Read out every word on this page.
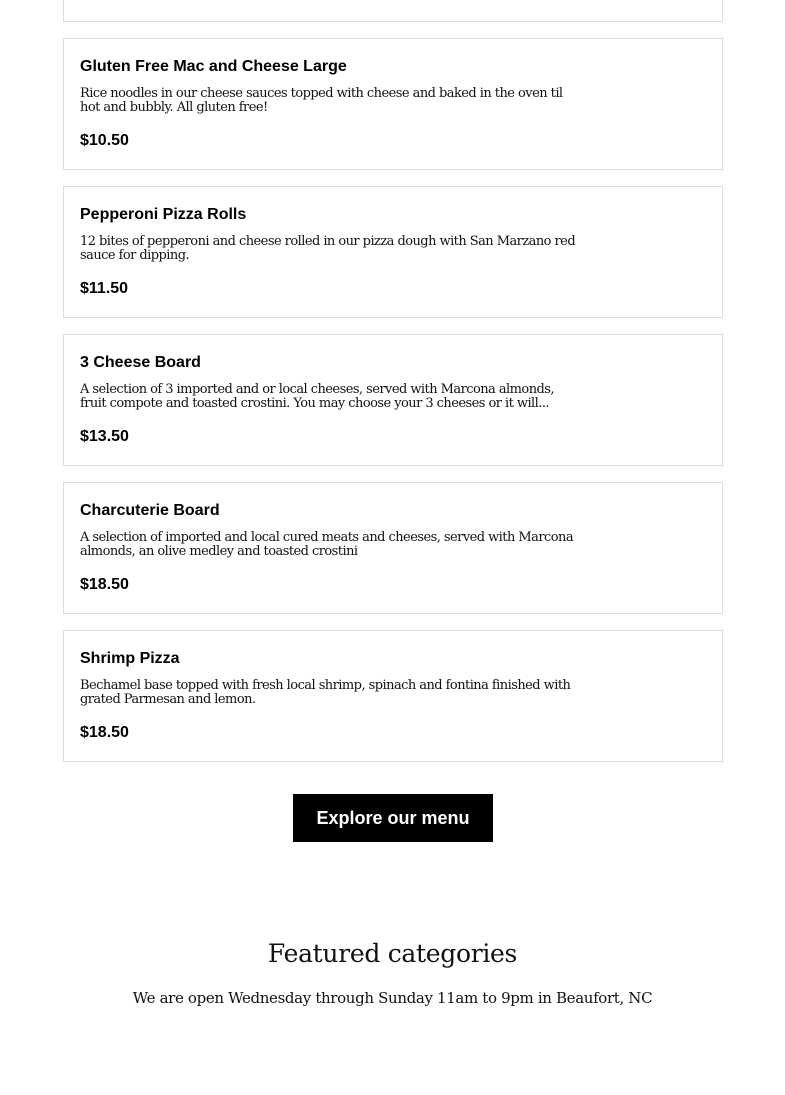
Gluten Free Mac and Cheese Large
Rice noodles in our cheese sauces topped with cheese and baked in the oven til hot and bubbly. All gluten free!
$10.50
Pepperoni Pizza Rolls
12 bites of pepperoni and cheese rolled in our pizza dough with San Marzano red sauce for dipping.
$11.50
3 Cheese Board
A selection of 3 imported and or local cheeses, served with Marcona almonds, fruit compote and toasted crostini. You may choose your 3 cheeses or it will...
$13.50
Charcuterie Board
A selection of imported and local cured meats and cheeses, served with Marcona almonds, an olive medley and toasted crostini
$18.50
Shrimp Pizza
Bechamel base topped with fresh local shrimp, spinach and fontina finished with grated Parmesan and lemon.
$18.50
Explore our menu
Featured categories

We are open Wednesday through Sunday 11am to 9pm in Beaufort, NC
